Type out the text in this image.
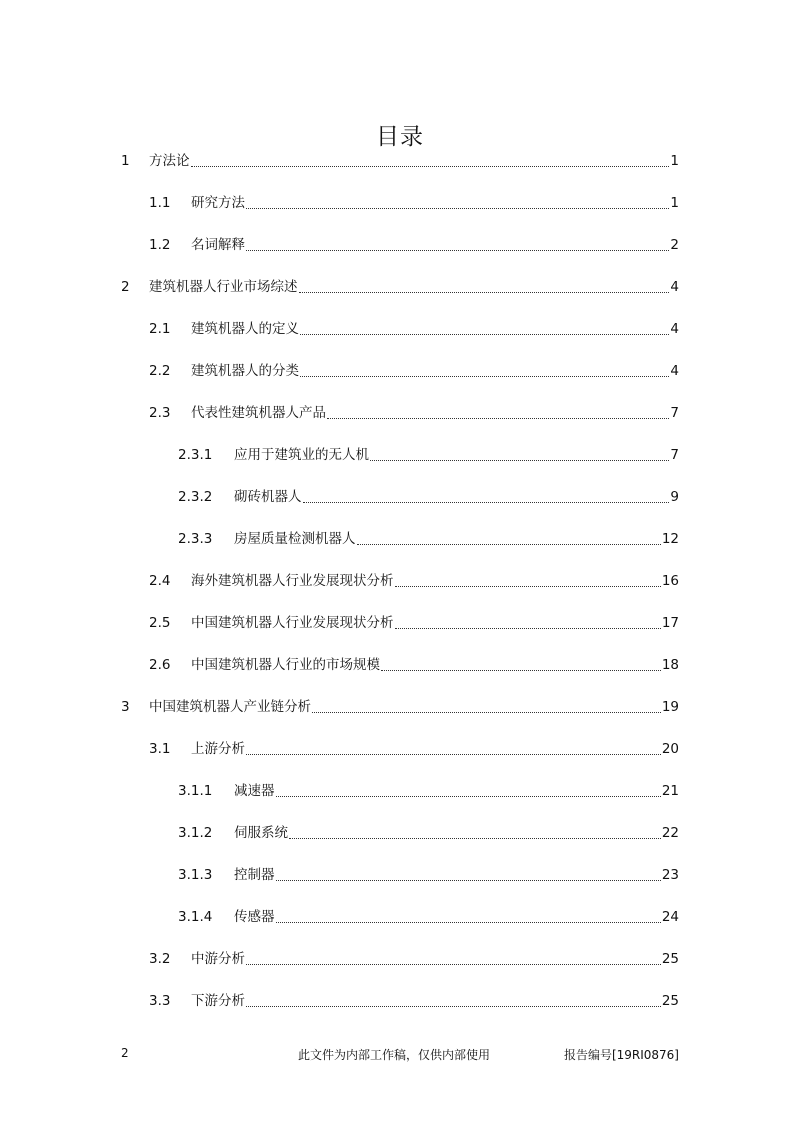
目录
1	方法论	1
1.1	研究方法	1
1.2	名词解释	2
2	建筑机器人行业市场综述	4
2.1	建筑机器人的定义	4
2.2	建筑机器人的分类	4
2.3	代表性建筑机器人产品	7
2.3.1	应用于建筑业的无人机	7
2.3.2	砌砖机器人	9
2.3.3	房屋质量检测机器人	12
2.4	海外建筑机器人行业发展现状分析	16
2.5	中国建筑机器人行业发展现状分析	17
2.6	中国建筑机器人行业的市场规模	18
3	中国建筑机器人产业链分析	19
3.1	上游分析	20
3.1.1	减速器	21
3.1.2	伺服系统	22
3.1.3	控制器	23
3.1.4	传感器	24
3.2	中游分析	25
3.3	下游分析	25
2	此文件为内部工作稿，仅供内部使用	报告编号[19RI0876]
